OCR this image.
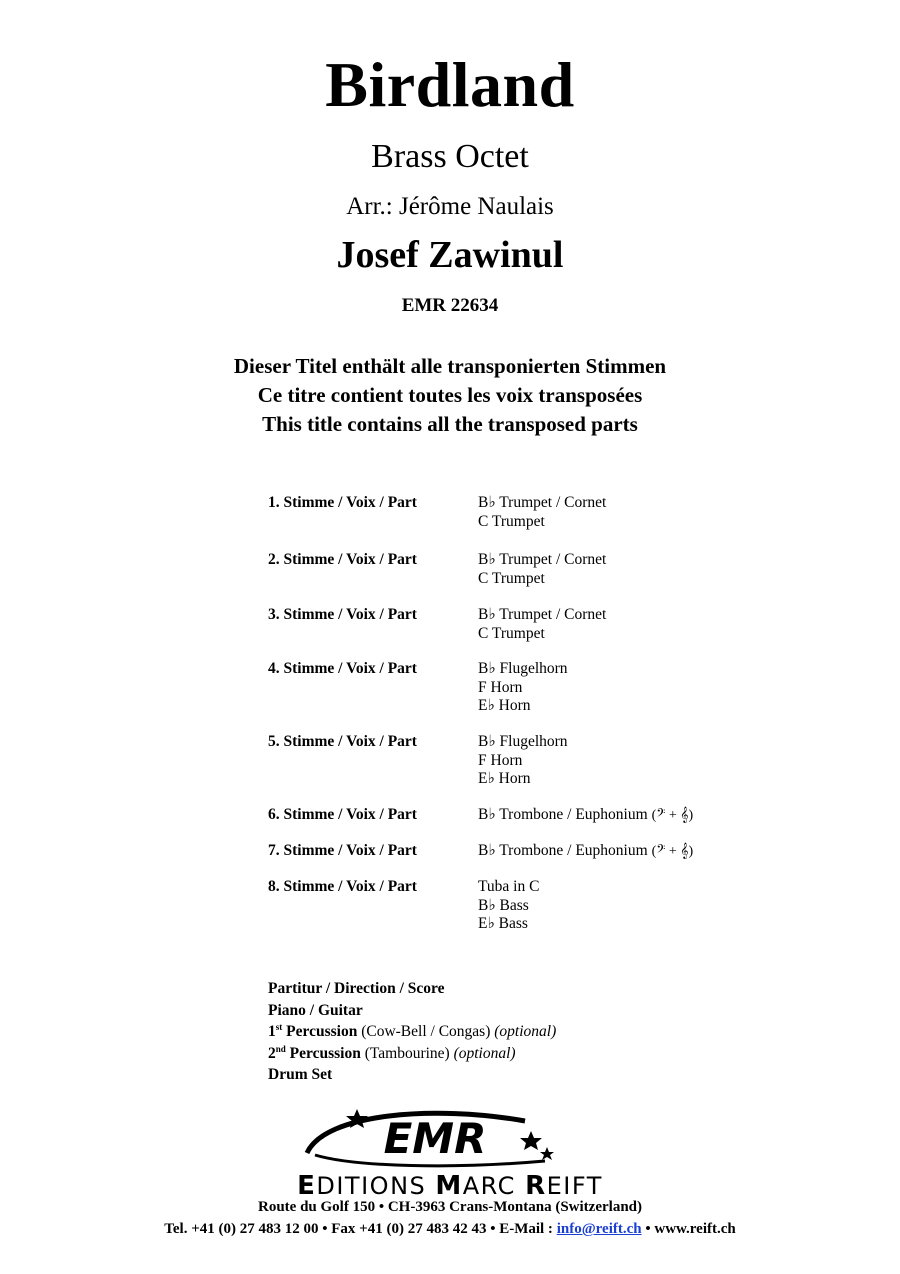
Birdland
Brass Octet
Arr.: Jérôme Naulais
Josef Zawinul
EMR 22634
Dieser Titel enthält alle transponierten Stimmen
Ce titre contient toutes les voix transposées
This title contains all the transposed parts
1. Stimme / Voix / Part	B♭ Trumpet / Cornet
C Trumpet
2. Stimme / Voix / Part	B♭ Trumpet / Cornet
C Trumpet
3. Stimme / Voix / Part	B♭ Trumpet / Cornet
C Trumpet
4. Stimme / Voix / Part	B♭ Flugelhorn
F Horn
E♭ Horn
5. Stimme / Voix / Part	B♭ Flugelhorn
F Horn
E♭ Horn
6. Stimme / Voix / Part	B♭ Trombone / Euphonium (𝄢 + 𝄞)
7. Stimme / Voix / Part	B♭ Trombone / Euphonium (𝄢 + 𝄞)
8. Stimme / Voix / Part	Tuba in C
B♭ Bass
E♭ Bass
Partitur / Direction / Score
Piano / Guitar
1st Percussion (Cow-Bell / Congas) (optional)
2nd Percussion (Tambourine) (optional)
Drum Set
EMR
EDITIONS MARC REIFT
Route du Golf 150 • CH-3963 Crans-Montana (Switzerland)
Tel. +41 (0) 27 483 12 00 • Fax +41 (0) 27 483 42 43 • E-Mail : info@reift.ch • www.reift.ch
